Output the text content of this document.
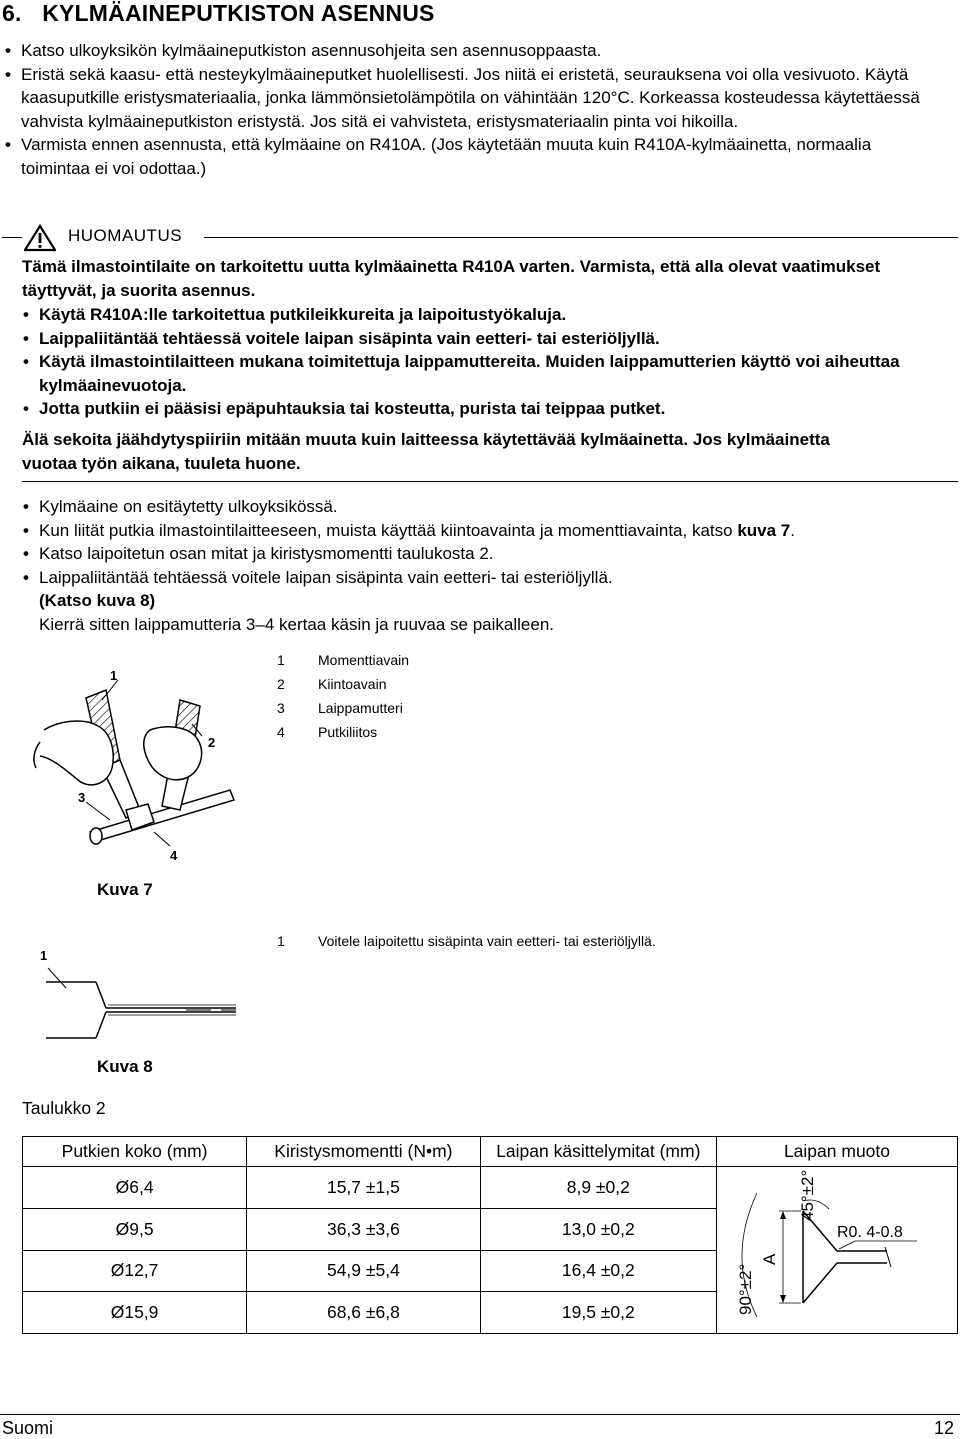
6. KYLMÄAINEPUTKISTON ASENNUS
• Katso ulkoyksikön kylmäaineputkiston asennusohjeita sen asennusoppaasta.
• Eristä sekä kaasu- että nesteykylmäaineputket huolellisesti. Jos niitä ei eristetä, seurauksena voi olla vesivuoto. Käytä kaasuputkille eristysmateriaalia, jonka lämmönsietolämpötila on vähintään 120°C. Korkeassa kosteudessa käytettäessä vahvista kylmäaineputkiston eristystä. Jos sitä ei vahvisteta, eristysmateriaalin pinta voi hikoilla.
• Varmista ennen asennusta, että kylmäaine on R410A. (Jos käytetään muuta kuin R410A-kylmäainetta, normaalia toimintaa ei voi odottaa.)
HUOMAUTUS
Tämä ilmastointilaite on tarkoitettu uutta kylmäainetta R410A varten. Varmista, että alla olevat vaatimukset täyttyvät, ja suorita asennus.
• Käytä R410A:lle tarkoitettua putkileikkureita ja laipoitustyökaluja.
• Laippaliitäntää tehtäessä voitele laipan sisäpinta vain eetteri- tai esteriöljyllä.
• Käytä ilmastointilaitteen mukana toimitettuja laippamuttereita. Muiden laippamutterien käyttö voi aiheuttaa kylmäainevuotoja.
• Jotta putkiin ei pääsisi epäpuhtauksia tai kosteutta, purista tai teippaa putket.
Älä sekoita jäähdytyspiiriin mitään muuta kuin laitteessa käytettävää kylmäainetta. Jos kylmäainetta vuotaa työn aikana, tuuleta huone.
• Kylmäaine on esitäytetty ulkoyksikössä.
• Kun liität putkia ilmastointilaitteeseen, muista käyttää kiintoavainta ja momenttiavainta, katso kuva 7.
• Katso laipoitetun osan mitat ja kiristysmomentti taulukosta 2.
• Laippaliitäntää tehtäessä voitele laipan sisäpinta vain eetteri- tai esteriöljyllä.
(Katso kuva 8)
Kierrä sitten laippamutteria 3–4 kertaa käsin ja ruuvaa se paikalleen.
1
2
3
4
Kuva 7
1 Momenttiavain
2 Kiintoavain
3 Laippamutteri
4 Putkiliitos
1
Kuva 8
1 Voitele laipoitettu sisäpinta vain eetteri- tai esteriöljyllä.
Taulukko 2
Putkien koko (mm)	Kiristysmomentti (N•m)	Laipan käsittelymitat (mm)	Laipan muoto
Ø6,4	15,7 ±1,5	8,9 ±0,2	90°±2°
45°±2°
A
R0. 4-0.8

Ø9,5	36,3 ±3,6	13,0 ±0,2	
Ø12,7	54,9 ±5,4	16,4 ±0,2	
Ø15,9	68,6 ±6,8	19,5 ±0,2	
Suomi	12
